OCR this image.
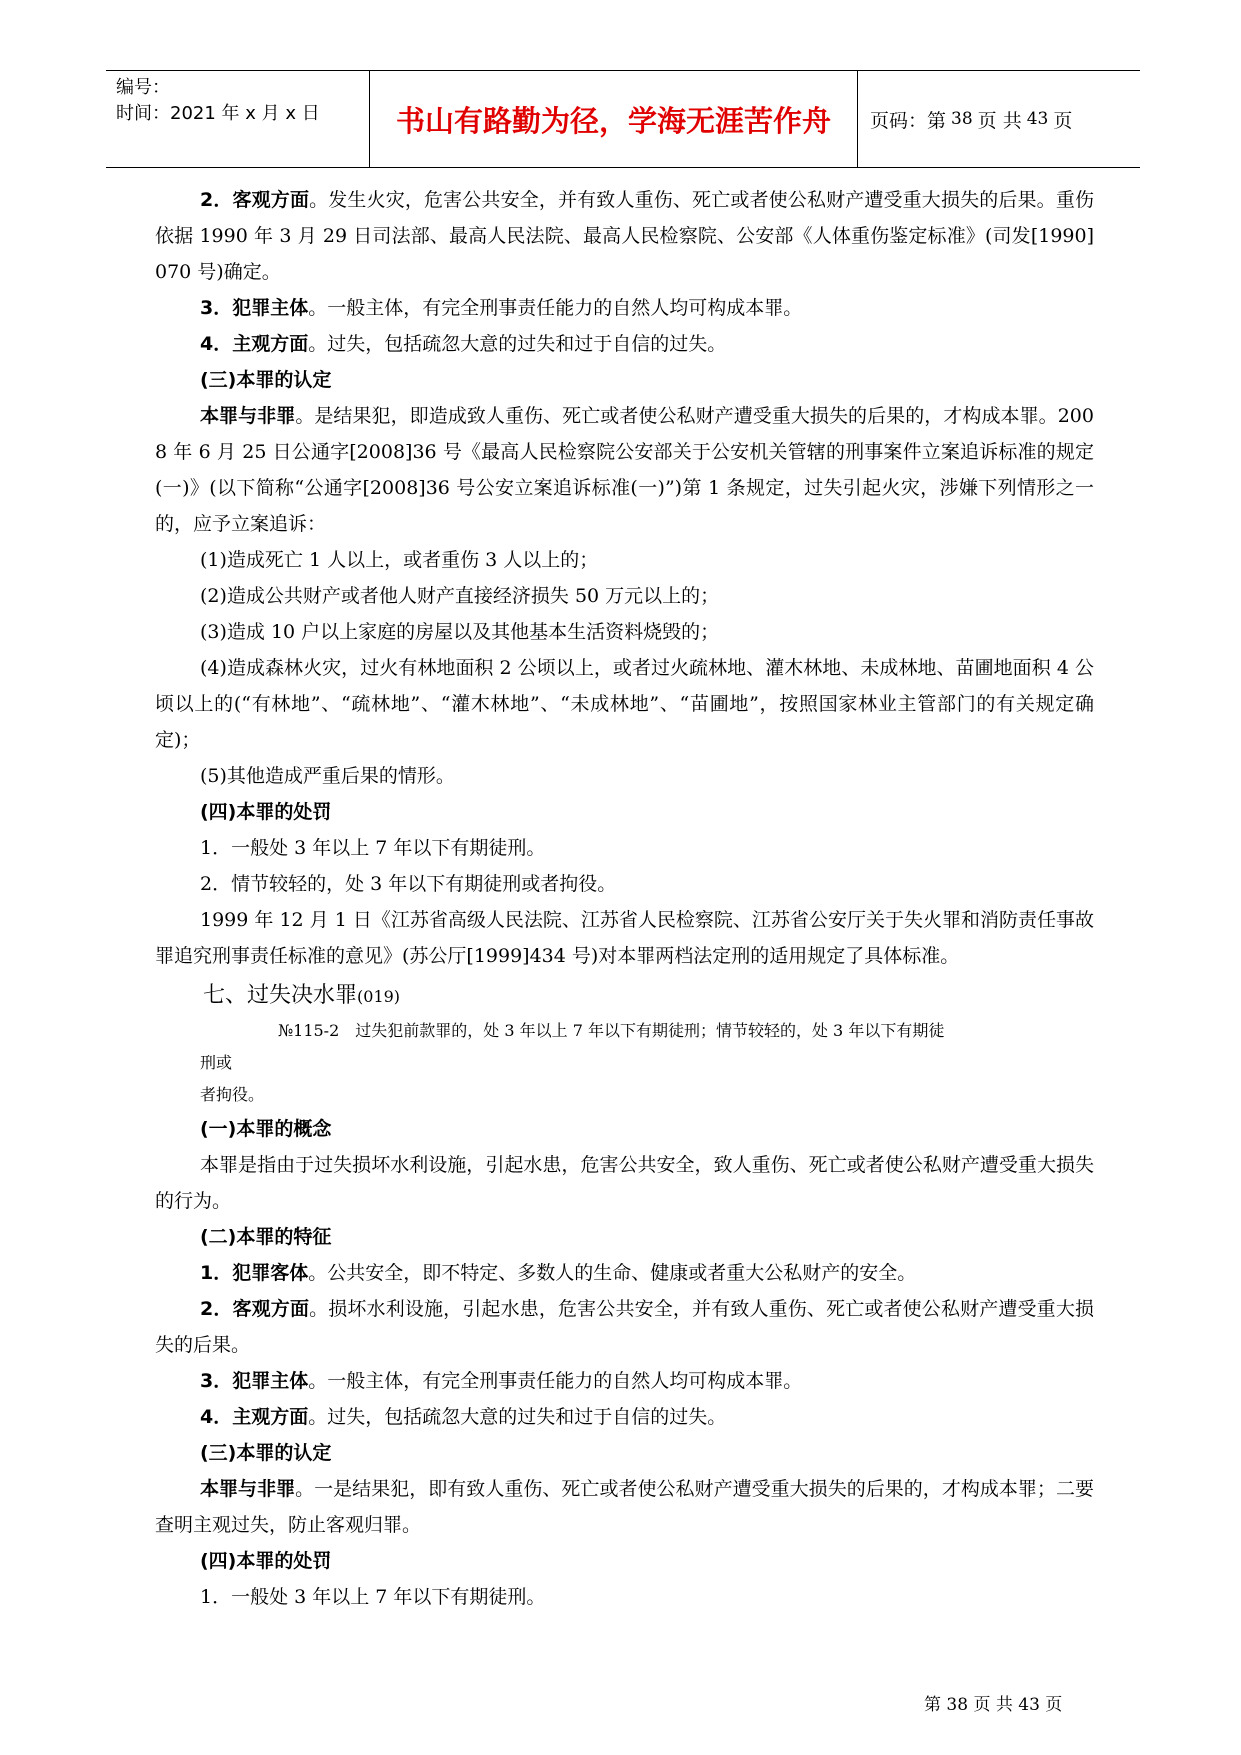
编号：
时间：2021 年 x 月 x 日	书山有路勤为径，学海无涯苦作舟	页码：第 38 页 共 43 页

2．客观方面。发生火灾，危害公共安全，并有致人重伤、死亡或者使公私财产遭受重大损失的后果。重伤依据 1990 年 3 月 29 日司法部、最高人民法院、最高人民检察院、公安部《人体重伤鉴定标准》(司发[1990]070 号)确定。

3．犯罪主体。一般主体，有完全刑事责任能力的自然人均可构成本罪。

4．主观方面。过失，包括疏忽大意的过失和过于自信的过失。

(三)本罪的认定

本罪与非罪。是结果犯，即造成致人重伤、死亡或者使公私财产遭受重大损失的后果的，才构成本罪。2008 年 6 月 25 日公通字[2008]36 号《最高人民检察院公安部关于公安机关管辖的刑事案件立案追诉标准的规定(一)》(以下简称“公通字[2008]36 号公安立案追诉标准(一)”)第 1 条规定，过失引起火灾，涉嫌下列情形之一的，应予立案追诉：

(1)造成死亡 1 人以上，或者重伤 3 人以上的；

(2)造成公共财产或者他人财产直接经济损失 50 万元以上的；

(3)造成 10 户以上家庭的房屋以及其他基本生活资料烧毁的；

(4)造成森林火灾，过火有林地面积 2 公顷以上，或者过火疏林地、灌木林地、未成林地、苗圃地面积 4 公顷以上的(“有林地”、“疏林地”、“灌木林地”、“未成林地”、“苗圃地”，按照国家林业主管部门的有关规定确定)；

(5)其他造成严重后果的情形。

(四)本罪的处罚

1．一般处 3 年以上 7 年以下有期徒刑。

2．情节较轻的，处 3 年以下有期徒刑或者拘役。

1999 年 12 月 1 日《江苏省高级人民法院、江苏省人民检察院、江苏省公安厅关于失火罪和消防责任事故罪追究刑事责任标准的意见》(苏公厅[1999]434 号)对本罪两档法定刑的适用规定了具体标准。

七、过失决水罪(019)

№115-2　过失犯前款罪的，处 3 年以上 7 年以下有期徒刑；情节较轻的，处 3 年以下有期徒刑或

者拘役。

(一)本罪的概念

本罪是指由于过失损坏水利设施，引起水患，危害公共安全，致人重伤、死亡或者使公私财产遭受重大损失的行为。

(二)本罪的特征

1．犯罪客体。公共安全，即不特定、多数人的生命、健康或者重大公私财产的安全。

2．客观方面。损坏水利设施，引起水患，危害公共安全，并有致人重伤、死亡或者使公私财产遭受重大损失的后果。

3．犯罪主体。一般主体，有完全刑事责任能力的自然人均可构成本罪。

4．主观方面。过失，包括疏忽大意的过失和过于自信的过失。

(三)本罪的认定

本罪与非罪。一是结果犯，即有致人重伤、死亡或者使公私财产遭受重大损失的后果的，才构成本罪；二要查明主观过失，防止客观归罪。

(四)本罪的处罚

1．一般处 3 年以上 7 年以下有期徒刑。

第 38 页 共 43 页
